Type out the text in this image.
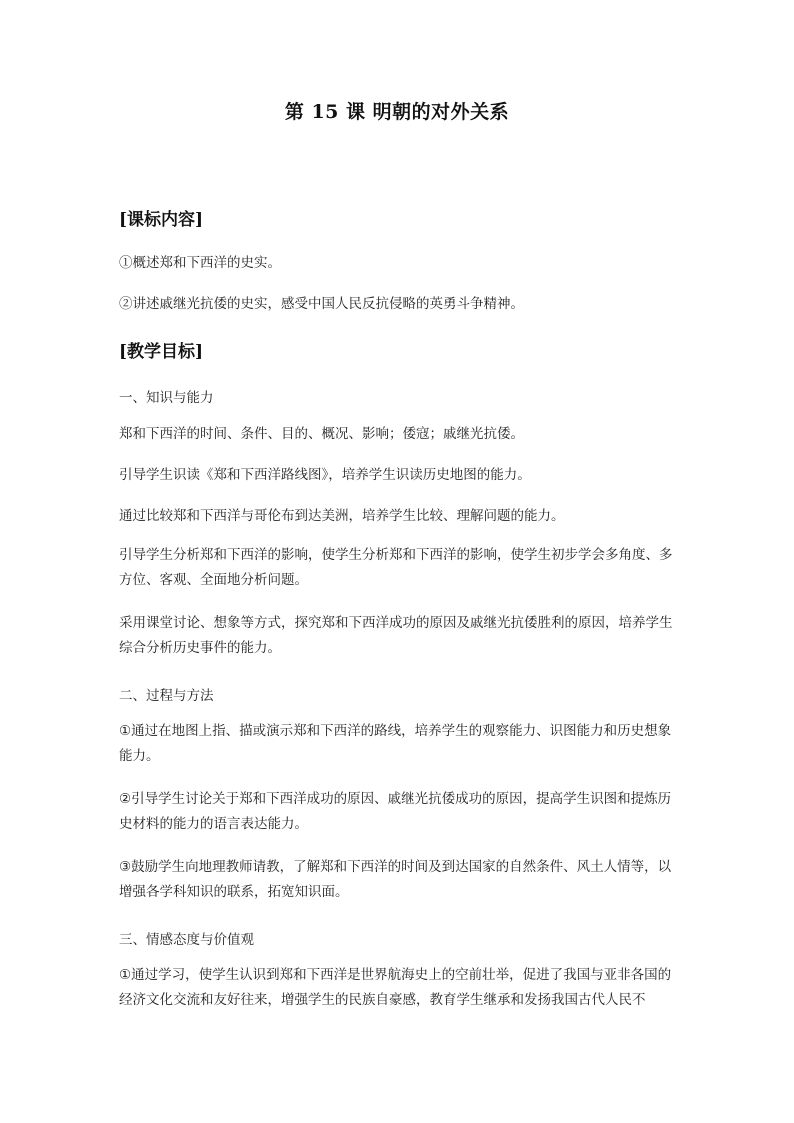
第 15 课 明朝的对外关系
[课标内容]
①概述郑和下西洋的史实。
②讲述戚继光抗倭的史实，感受中国人民反抗侵略的英勇斗争精神。
[教学目标]
一、知识与能力
郑和下西洋的时间、条件、目的、概况、影响；倭寇；戚继光抗倭。
引导学生识读《郑和下西洋路线图》，培养学生识读历史地图的能力。
通过比较郑和下西洋与哥伦布到达美洲，培养学生比较、理解问题的能力。
引导学生分析郑和下西洋的影响，使学生分析郑和下西洋的影响，使学生初步学会多角度、多方位、客观、全面地分析问题。
采用课堂讨论、想象等方式，探究郑和下西洋成功的原因及戚继光抗倭胜利的原因，培养学生综合分析历史事件的能力。
二、过程与方法
①通过在地图上指、描或演示郑和下西洋的路线，培养学生的观察能力、识图能力和历史想象能力。
②引导学生讨论关于郑和下西洋成功的原因、戚继光抗倭成功的原因，提高学生识图和提炼历史材料的能力的语言表达能力。
③鼓励学生向地理教师请教，了解郑和下西洋的时间及到达国家的自然条件、风土人情等，以增强各学科知识的联系，拓宽知识面。
三、情感态度与价值观
①通过学习，使学生认识到郑和下西洋是世界航海史上的空前壮举，促进了我国与亚非各国的经济文化交流和友好往来，增强学生的民族自豪感，教育学生继承和发扬我国古代人民不
